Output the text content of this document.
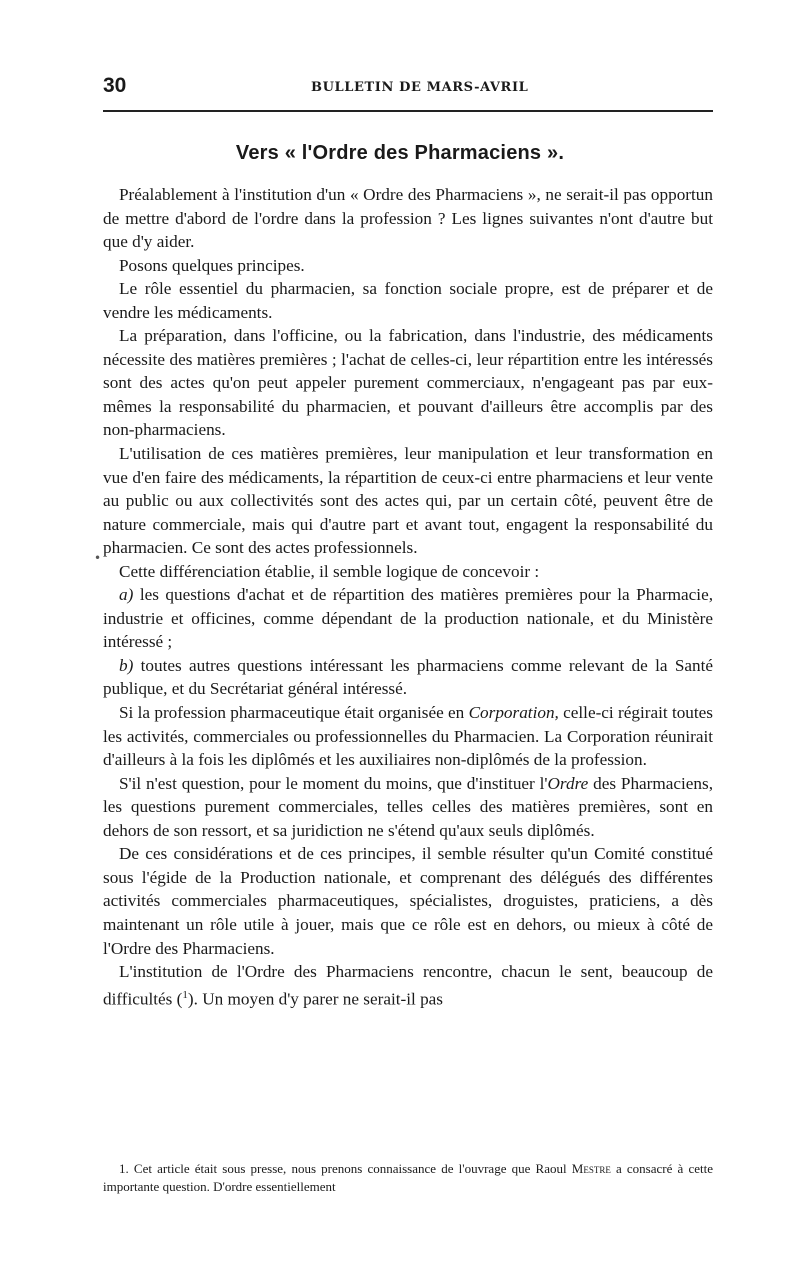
30	BULLETIN DE MARS-AVRIL
Vers « l'Ordre des Pharmaciens ».
•

Préalablement à l'institution d'un « Ordre des Pharmaciens », ne serait-il pas opportun de mettre d'abord de l'ordre dans la profession ? Les lignes suivantes n'ont d'autre but que d'y aider.

Posons quelques principes.

Le rôle essentiel du pharmacien, sa fonction sociale propre, est de préparer et de vendre les médicaments.

La préparation, dans l'officine, ou la fabrication, dans l'industrie, des médicaments nécessite des matières premières ; l'achat de celles-ci, leur répartition entre les intéressés sont des actes qu'on peut appeler purement commerciaux, n'engageant pas par eux-mêmes la responsabilité du pharmacien, et pouvant d'ailleurs être accomplis par des non-pharmaciens.

L'utilisation de ces matières premières, leur manipulation et leur transformation en vue d'en faire des médicaments, la répartition de ceux-ci entre pharmaciens et leur vente au public ou aux collectivités sont des actes qui, par un certain côté, peuvent être de nature commerciale, mais qui d'autre part et avant tout, engagent la responsabilité du pharmacien. Ce sont des actes professionnels.

Cette différenciation établie, il semble logique de concevoir :

a) les questions d'achat et de répartition des matières premières pour la Pharmacie, industrie et officines, comme dépendant de la production nationale, et du Ministère intéressé ;

b) toutes autres questions intéressant les pharmaciens comme relevant de la Santé publique, et du Secrétariat général intéressé.

Si la profession pharmaceutique était organisée en Corporation, celle-ci régirait toutes les activités, commerciales ou professionnelles du Pharmacien. La Corporation réunirait d'ailleurs à la fois les diplômés et les auxiliaires non-diplômés de la profession.

S'il n'est question, pour le moment du moins, que d'instituer l'Ordre des Pharmaciens, les questions purement commerciales, telles celles des matières premières, sont en dehors de son ressort, et sa juridiction ne s'étend qu'aux seuls diplômés.

De ces considérations et de ces principes, il semble résulter qu'un Comité constitué sous l'égide de la Production nationale, et comprenant des délégués des différentes activités commerciales pharmaceutiques, spécialistes, droguistes, praticiens, a dès maintenant un rôle utile à jouer, mais que ce rôle est en dehors, ou mieux à côté de l'Ordre des Pharmaciens.

L'institution de l'Ordre des Pharmaciens rencontre, chacun le sent, beaucoup de difficultés ($^1$). Un moyen d'y parer ne serait-il pas

1. Cet article était sous presse, nous prenons connaissance de l'ouvrage que Raoul Mestre a consacré à cette importante question. D'ordre essentiellement
